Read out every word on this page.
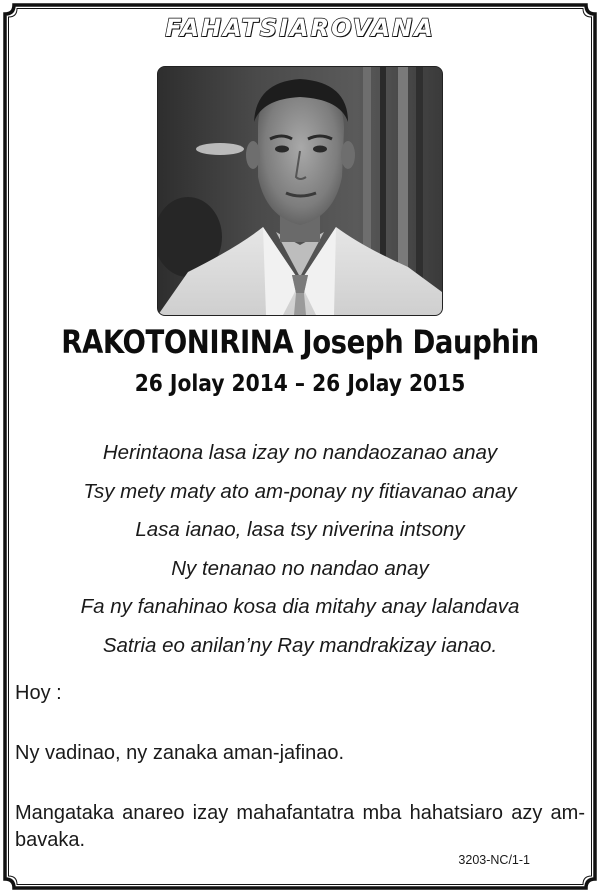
FAHATSIAROVANA
RAKOTONIRINA Joseph Dauphin
26 Jolay 2014 – 26 Jolay 2015
Herintaona lasa izay no nandaozanao anay
Tsy mety maty ato am-ponay ny fitiavanao anay
Lasa ianao, lasa tsy niverina intsony
Ny tenanao no nandao anay
Fa ny fanahinao kosa dia mitahy anay lalandava
Satria eo anilan’ny Ray mandrakizay ianao.
Hoy :
Ny vadinao, ny zanaka aman-jafinao.
Mangataka anareo izay mahafantatra mba hahatsiaro azy am-bavaka.
3203-NC/1-1
